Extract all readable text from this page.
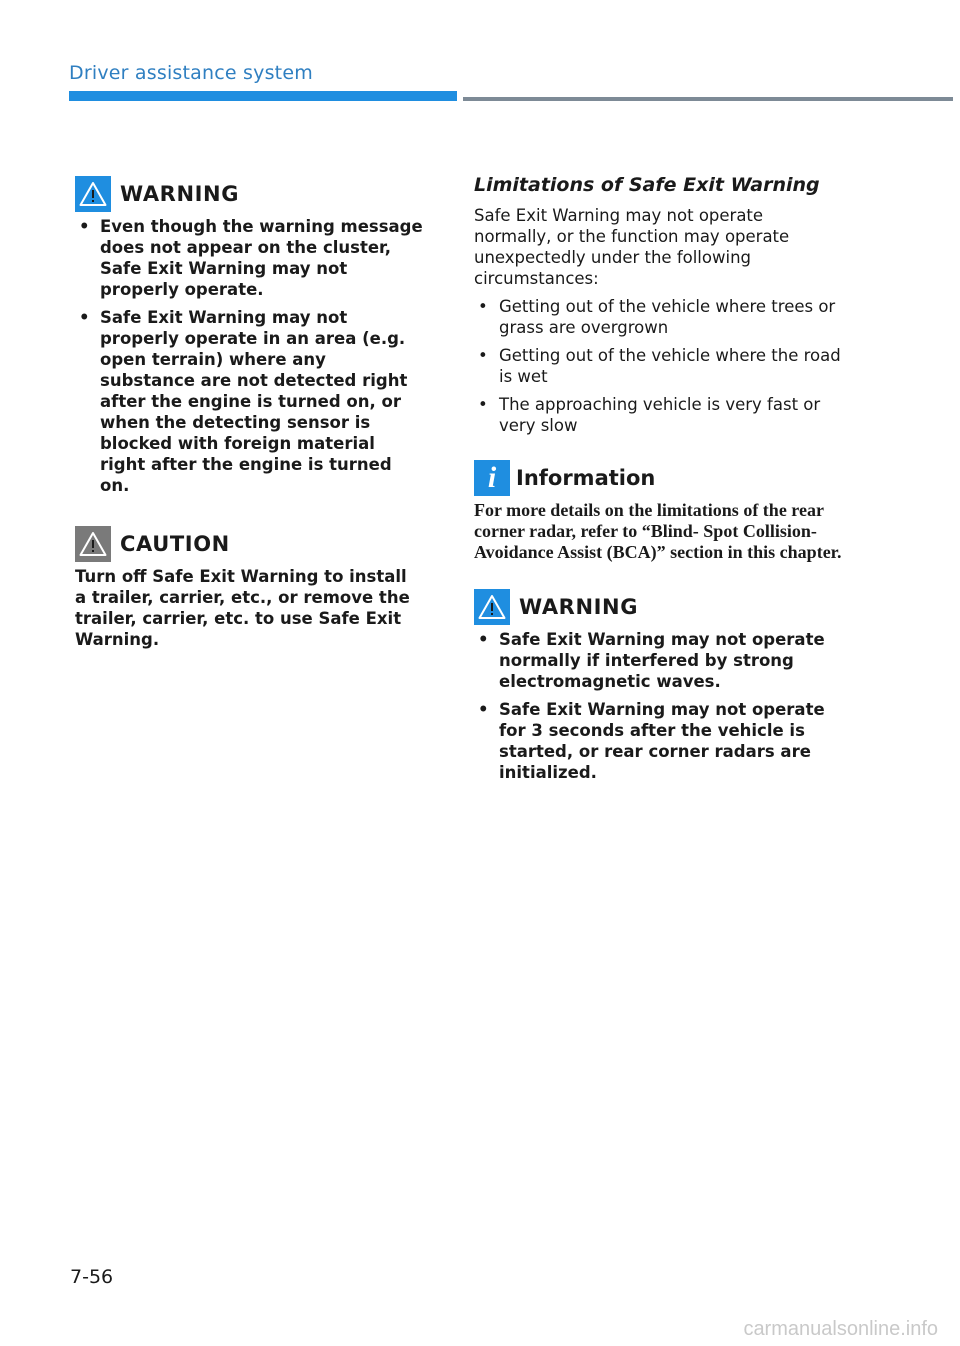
Driver assistance system
WARNING
• Even though the warning message does not appear on the cluster, Safe Exit Warning may not properly operate.
• Safe Exit Warning may not properly operate in an area (e.g. open terrain) where any substance are not detected right after the engine is turned on, or when the detecting sensor is blocked with foreign material right after the engine is turned on.
CAUTION
Turn off Safe Exit Warning to install a trailer, carrier, etc., or remove the trailer, carrier, etc. to use Safe Exit Warning.
Limitations of Safe Exit Warning
Safe Exit Warning may not operate normally, or the function may operate unexpectedly under the following circumstances:
• Getting out of the vehicle where trees or grass are overgrown
• Getting out of the vehicle where the road is wet
• The approaching vehicle is very fast or very slow
i Information
For more details on the limitations of the rear corner radar, refer to “Blind- Spot Collision-Avoidance Assist (BCA)” section in this chapter.
WARNING
• Safe Exit Warning may not operate normally if interfered by strong electromagnetic waves.
• Safe Exit Warning may not operate for 3 seconds after the vehicle is started, or rear corner radars are initialized.
7-56
carmanualsonline.info
